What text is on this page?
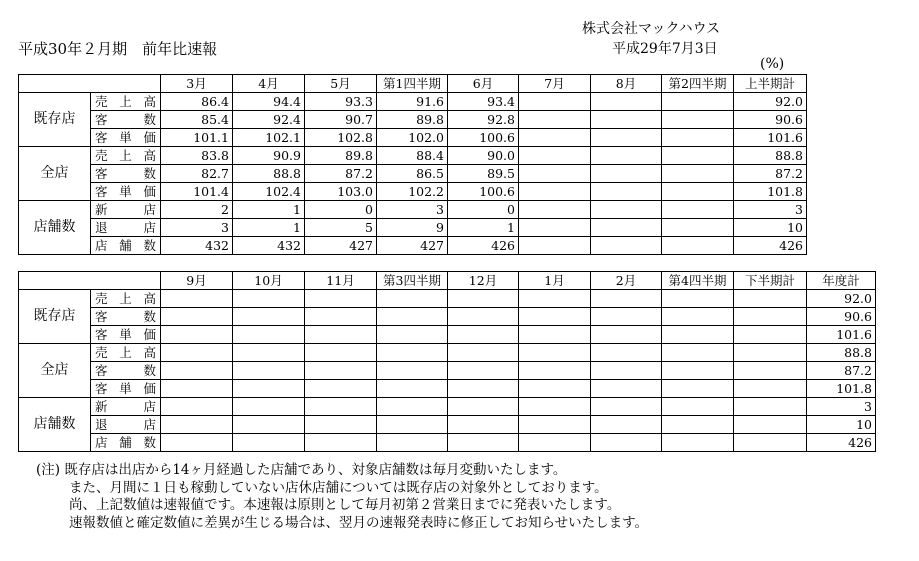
平成30年２月期　前年比速報
株式会社マックハウス
平成29年7月3日
(%)
		3月	4月	5月	第1四半期	6月	7月	8月	第2四半期	上半期計
既存店	売上高	86.4	94.4	93.3	91.6	93.4				92.0
	客数	85.4	92.4	90.7	89.8	92.8				90.6
	客単価	101.1	102.1	102.8	102.0	100.6				101.6
全店	売上高	83.8	90.9	89.8	88.4	90.0				88.8
	客数	82.7	88.8	87.2	86.5	89.5				87.2
	客単価	101.4	102.4	103.0	102.2	100.6				101.8
店舗数	新店	2	1	0	3	0				3
	退店	3	1	5	9	1				10
	店舗数	432	432	427	427	426				426
		9月	10月	11月	第3四半期	12月	1月	2月	第4四半期	下半期計	年度計
既存店	売上高										92.0
	客数										90.6
	客単価										101.6
全店	売上高										88.8
	客数										87.2
	客単価										101.8
店舗数	新店										3
	退店										10
	店舗数										426
(注) 既存店は出店から14ヶ月経過した店舗であり、対象店舗数は毎月変動いたします。
また、月間に１日も稼動していない店休店舗については既存店の対象外としております。
尚、上記数値は速報値です。本速報は原則として毎月初第２営業日までに発表いたします。
速報数値と確定数値に差異が生じる場合は、翌月の速報発表時に修正してお知らせいたします。
